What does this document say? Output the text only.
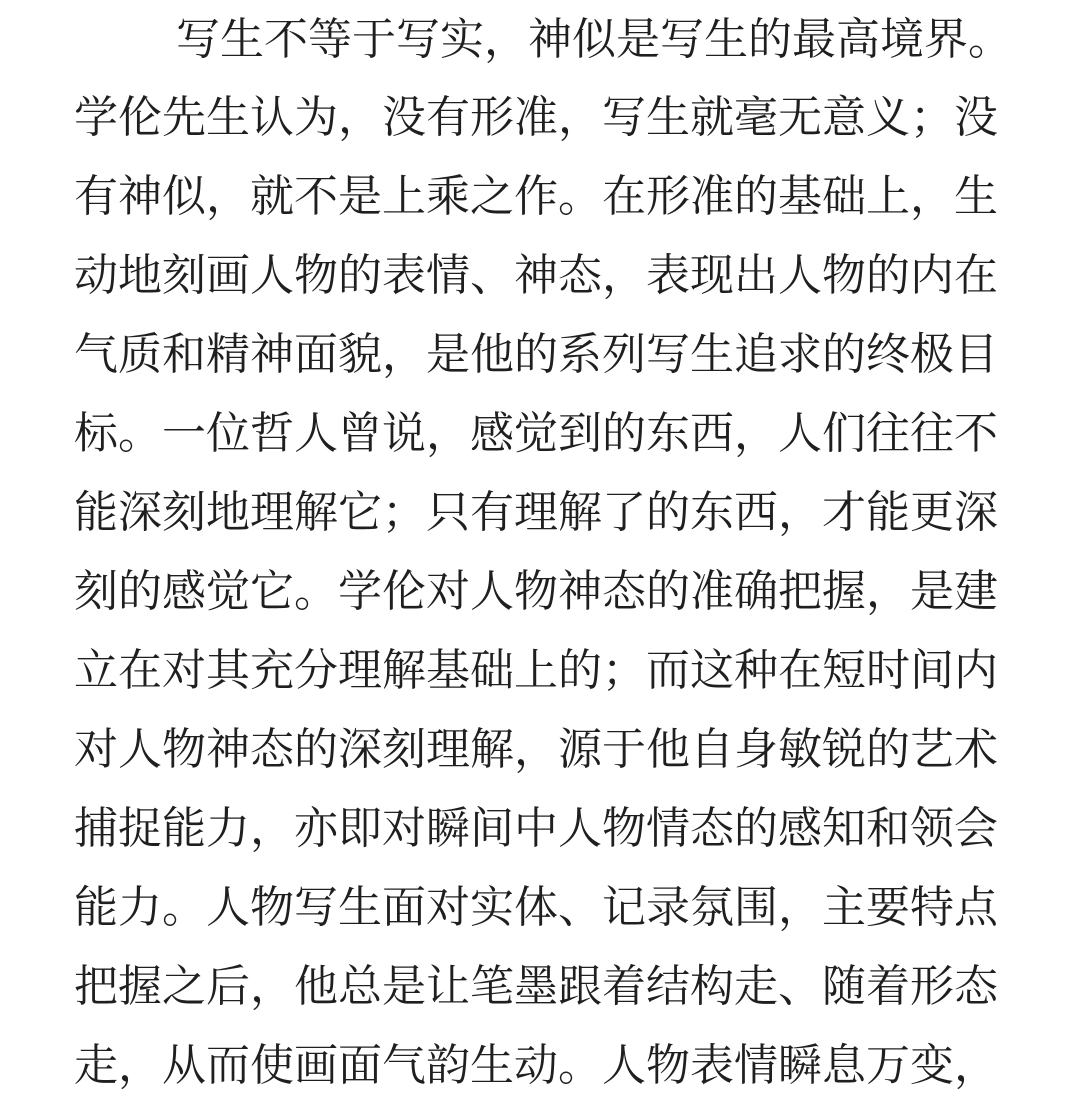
写生不等于写实，神似是写生的最高境界。
学伦先生认为，没有形准，写生就毫无意义；没
有神似，就不是上乘之作。在形准的基础上，生
动地刻画人物的表情、神态，表现出人物的内在
气质和精神面貌，是他的系列写生追求的终极目
标。一位哲人曾说，感觉到的东西，人们往往不
能深刻地理解它；只有理解了的东西，才能更深
刻的感觉它。学伦对人物神态的准确把握，是建
立在对其充分理解基础上的；而这种在短时间内
对人物神态的深刻理解，源于他自身敏锐的艺术
捕捉能力，亦即对瞬间中人物情态的感知和领会
能力。人物写生面对实体、记录氛围，主要特点
把握之后，他总是让笔墨跟着结构走、随着形态
走，从而使画面气韵生动。人物表情瞬息万变，
